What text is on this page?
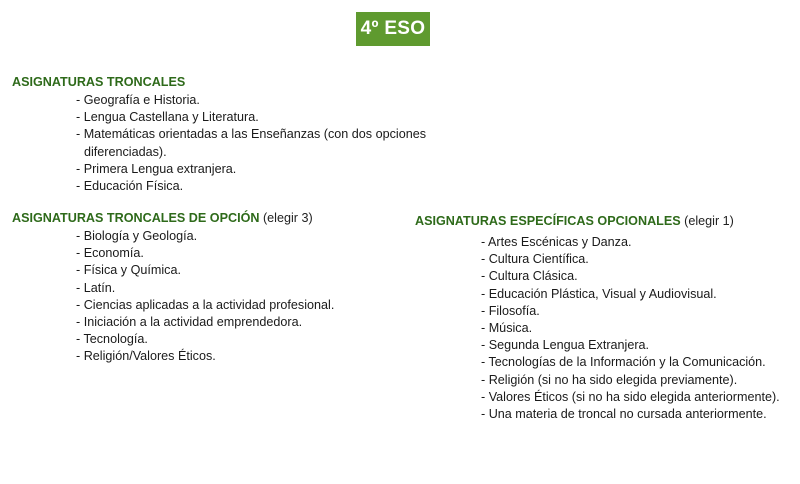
4º ESO
ASIGNATURAS TRONCALES
- Geografía e Historia.
- Lengua Castellana y Literatura.
- Matemáticas orientadas a las Enseñanzas (con dos opciones
diferenciadas).
- Primera Lengua extranjera.
- Educación Física.
ASIGNATURAS TRONCALES DE OPCIÓN (elegir 3)
- Biología y Geología.
- Economía.
- Física y Química.
- Latín.
- Ciencias aplicadas a la actividad profesional.
- Iniciación a la actividad emprendedora.
- Tecnología.
- Religión/Valores Éticos.
ASIGNATURAS ESPECÍFICAS OPCIONALES (elegir 1)
- Artes Escénicas y Danza.
- Cultura Científica.
- Cultura Clásica.
- Educación Plástica, Visual y Audiovisual.
- Filosofía.
- Música.
- Segunda Lengua Extranjera.
- Tecnologías de la Información y la Comunicación.
- Religión (si no ha sido elegida previamente).
- Valores Éticos (si no ha sido elegida anteriormente).
- Una materia de troncal no cursada anteriormente.
